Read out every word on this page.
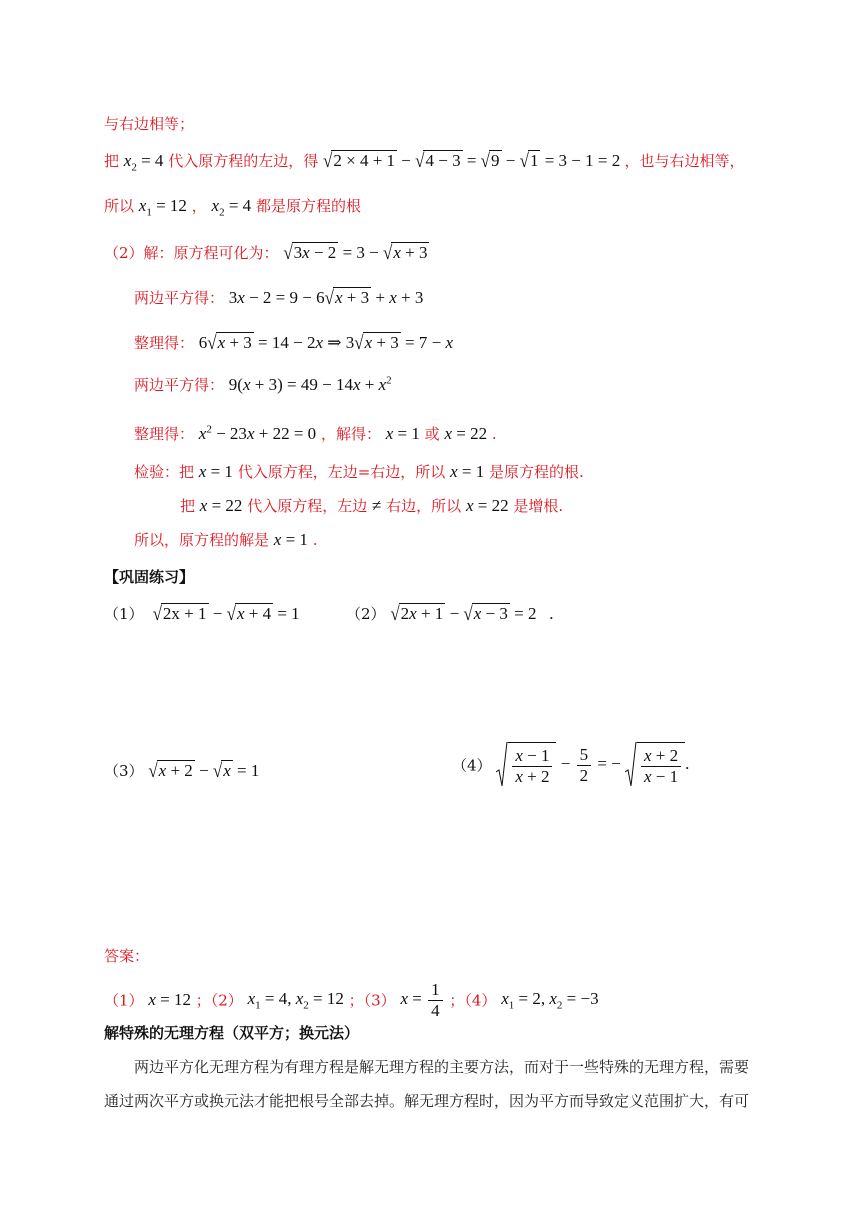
与右边相等；
把 $x_2 = 4$ 代入原方程的左边，得 √2 × 4 + 1 − √4 − 3 = √9 − √1 = 3 − 1 = 2 ，也与右边相等，
所以 $x_1 = 12$ ， $x_2 = 4$ 都是原方程的根
（2）解：原方程可化为： √3x − 2 = 3 − √x + 3
两边平方得： 3x − 2 = 9 − 6√x + 3 + x + 3
整理得： 6√x + 3 = 14 − 2x ⇒ 3√x + 3 = 7 − x
两边平方得： $9(x + 3) = 49 - 14x + x^2$
整理得： $x^2 - 23x + 22 = 0$ ，解得： x = 1 或 x = 22 .
检验：把 x = 1 代入原方程，左边=右边，所以 x = 1 是原方程的根.
把 x = 22 代入原方程，左边 ≠ 右边，所以 x = 22 是增根.
所以，原方程的解是 x = 1 .
【巩固练习】
（1） √2x + 1 − √x + 4 = 1	（2） √2x + 1 − √x − 3 = 2   .
（3） √x + 2 − √x = 1	$(4) \frac{x - 1}{x + 2} - \frac{5}{2}$ = − $\frac{x + 2}{x - 1}$ .
答案：
（1） x = 12 ；（2） $x_1 = 4$, $x_2 = 12$ ；（3） $x = \frac{1}{4}$ ；（4） $x_1 = 2$, $x_2 = -3$
解特殊的无理方程（双平方；换元法）
两边平方化无理方程为有理方程是解无理方程的主要方法，而对于一些特殊的无理方程，需要通过两次平方或换元法才能把根号全部去掉。解无理方程时，因为平方而导致定义范围扩大，有可
